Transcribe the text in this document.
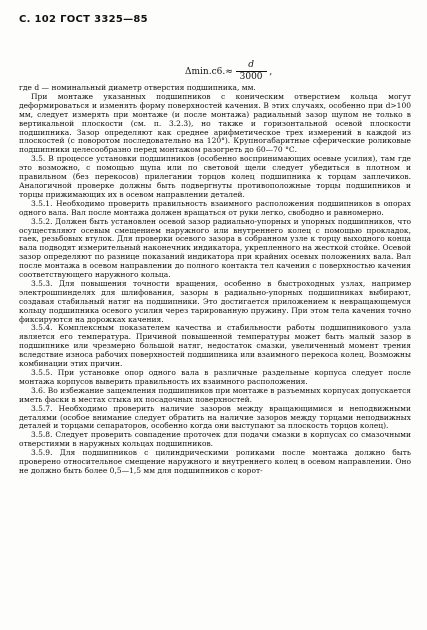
С. 102 ГОСТ 3325—85
$\Delta\min.c6.\approx \frac{d}{3000}$ ,

где d — номинальный диаметр отверстия подшипника, мм.

При монтаже указанных подшипников с коническим отверстием кольца могут деформироваться и изменять форму поверхностей качения. В этих случаях, особенно при d>100 мм, следует измерять при монтаже (и после монтажа) радиальный зазор щупом не только в вертикальной плоскости (см. п. 3.2.3), но также и горизонтальной осевой плоскости подшипника. Зазор определяют как среднее арифметическое трех измерений в каждой из плоскостей (с поворотом последовательно на 120°). Крупногабаритные сферические роликовые подшипники целесообразно перед монтажом разогреть до 60—70 °С.

3.5. В процессе установки подшипников (особенно воспринимающих осевые усилия), там где это возможно, с помощью щупа или по световой щели следует убедиться в плотном и правильном (без перекосов) прилегании торцов колец подшипника к торцам заплечиков. Аналогичной проверке должны быть подвергнуты противоположные торцы подшипников и торцы прижимающих их в осевом направлении деталей.

3.5.1. Необходимо проверить правильность взаимного расположения подшипников в опорах одного вала. Вал после монтажа должен вращаться от руки легко, свободно и равномерно.

3.5.2. Должен быть установлен осевой зазор радиально-упорных и упорных подшипников, что осуществляют осевым смещением наружного или внутреннего колец с помощью прокладок, гаек, резьбовых втулок. Для проверки осевого зазора в собранном узле к торцу выходного конца вала подводят измерительный наконечник индикатора, укрепленного на жесткой стойке. Осевой зазор определяют по разнице показаний индикатора при крайних осевых положениях вала. Вал после монтажа в осевом направлении до полного контакта тел качения с поверхностью качения соответствующего наружного кольца.

3.5.3. Для повышения точности вращения, особенно в быстроходных узлах, например электрошпинделях для шлифования, зазоры в радиально-упорных подшипниках выбирают, создавая стабильный натяг на подшипники. Это достигается приложением к невращающемуся кольцу подшипника осевого усилия через тарированную пружину. При этом тела качения точно фиксируются на дорожках качения.

3.5.4. Комплексным показателем качества и стабильности работы подшипникового узла является его температура. Причиной повышенной температуры может быть малый зазор в подшипнике или чрезмерно большой натяг, недостаток смазки, увеличенный момент трения вследствие износа рабочих поверхностей подшипника или взаимного перекоса колец. Возможны комбинации этих причин.

3.5.5. При установке опор одного вала в различные раздельные корпуса следует после монтажа корпусов выверить правильность их взаимного расположения.

3.6. Во избежание защемления подшипников при монтаже в разъемных корпусах допускается иметь фаски в местах стыка их посадочных поверхностей.

3.5.7. Необходимо проверить наличие зазоров между вращающимися и неподвижными деталями (особое внимание следует обратить на наличие зазоров между торцами неподвижных деталей и торцами сепараторов, особенно когда они выступают за плоскость торцов колец).

3.5.8. Следует проверить совпадение проточек для подачи смазки в корпусах со смазочными отверстиями в наружных кольцах подшипников.

3.5.9. Для подшипников с цилиндрическими роликами после монтажа должно быть проверено относительное смещение наружного и внутреннего колец в осевом направлении. Оно не должно быть более 0,5—1,5 мм для подшипников с корот-
